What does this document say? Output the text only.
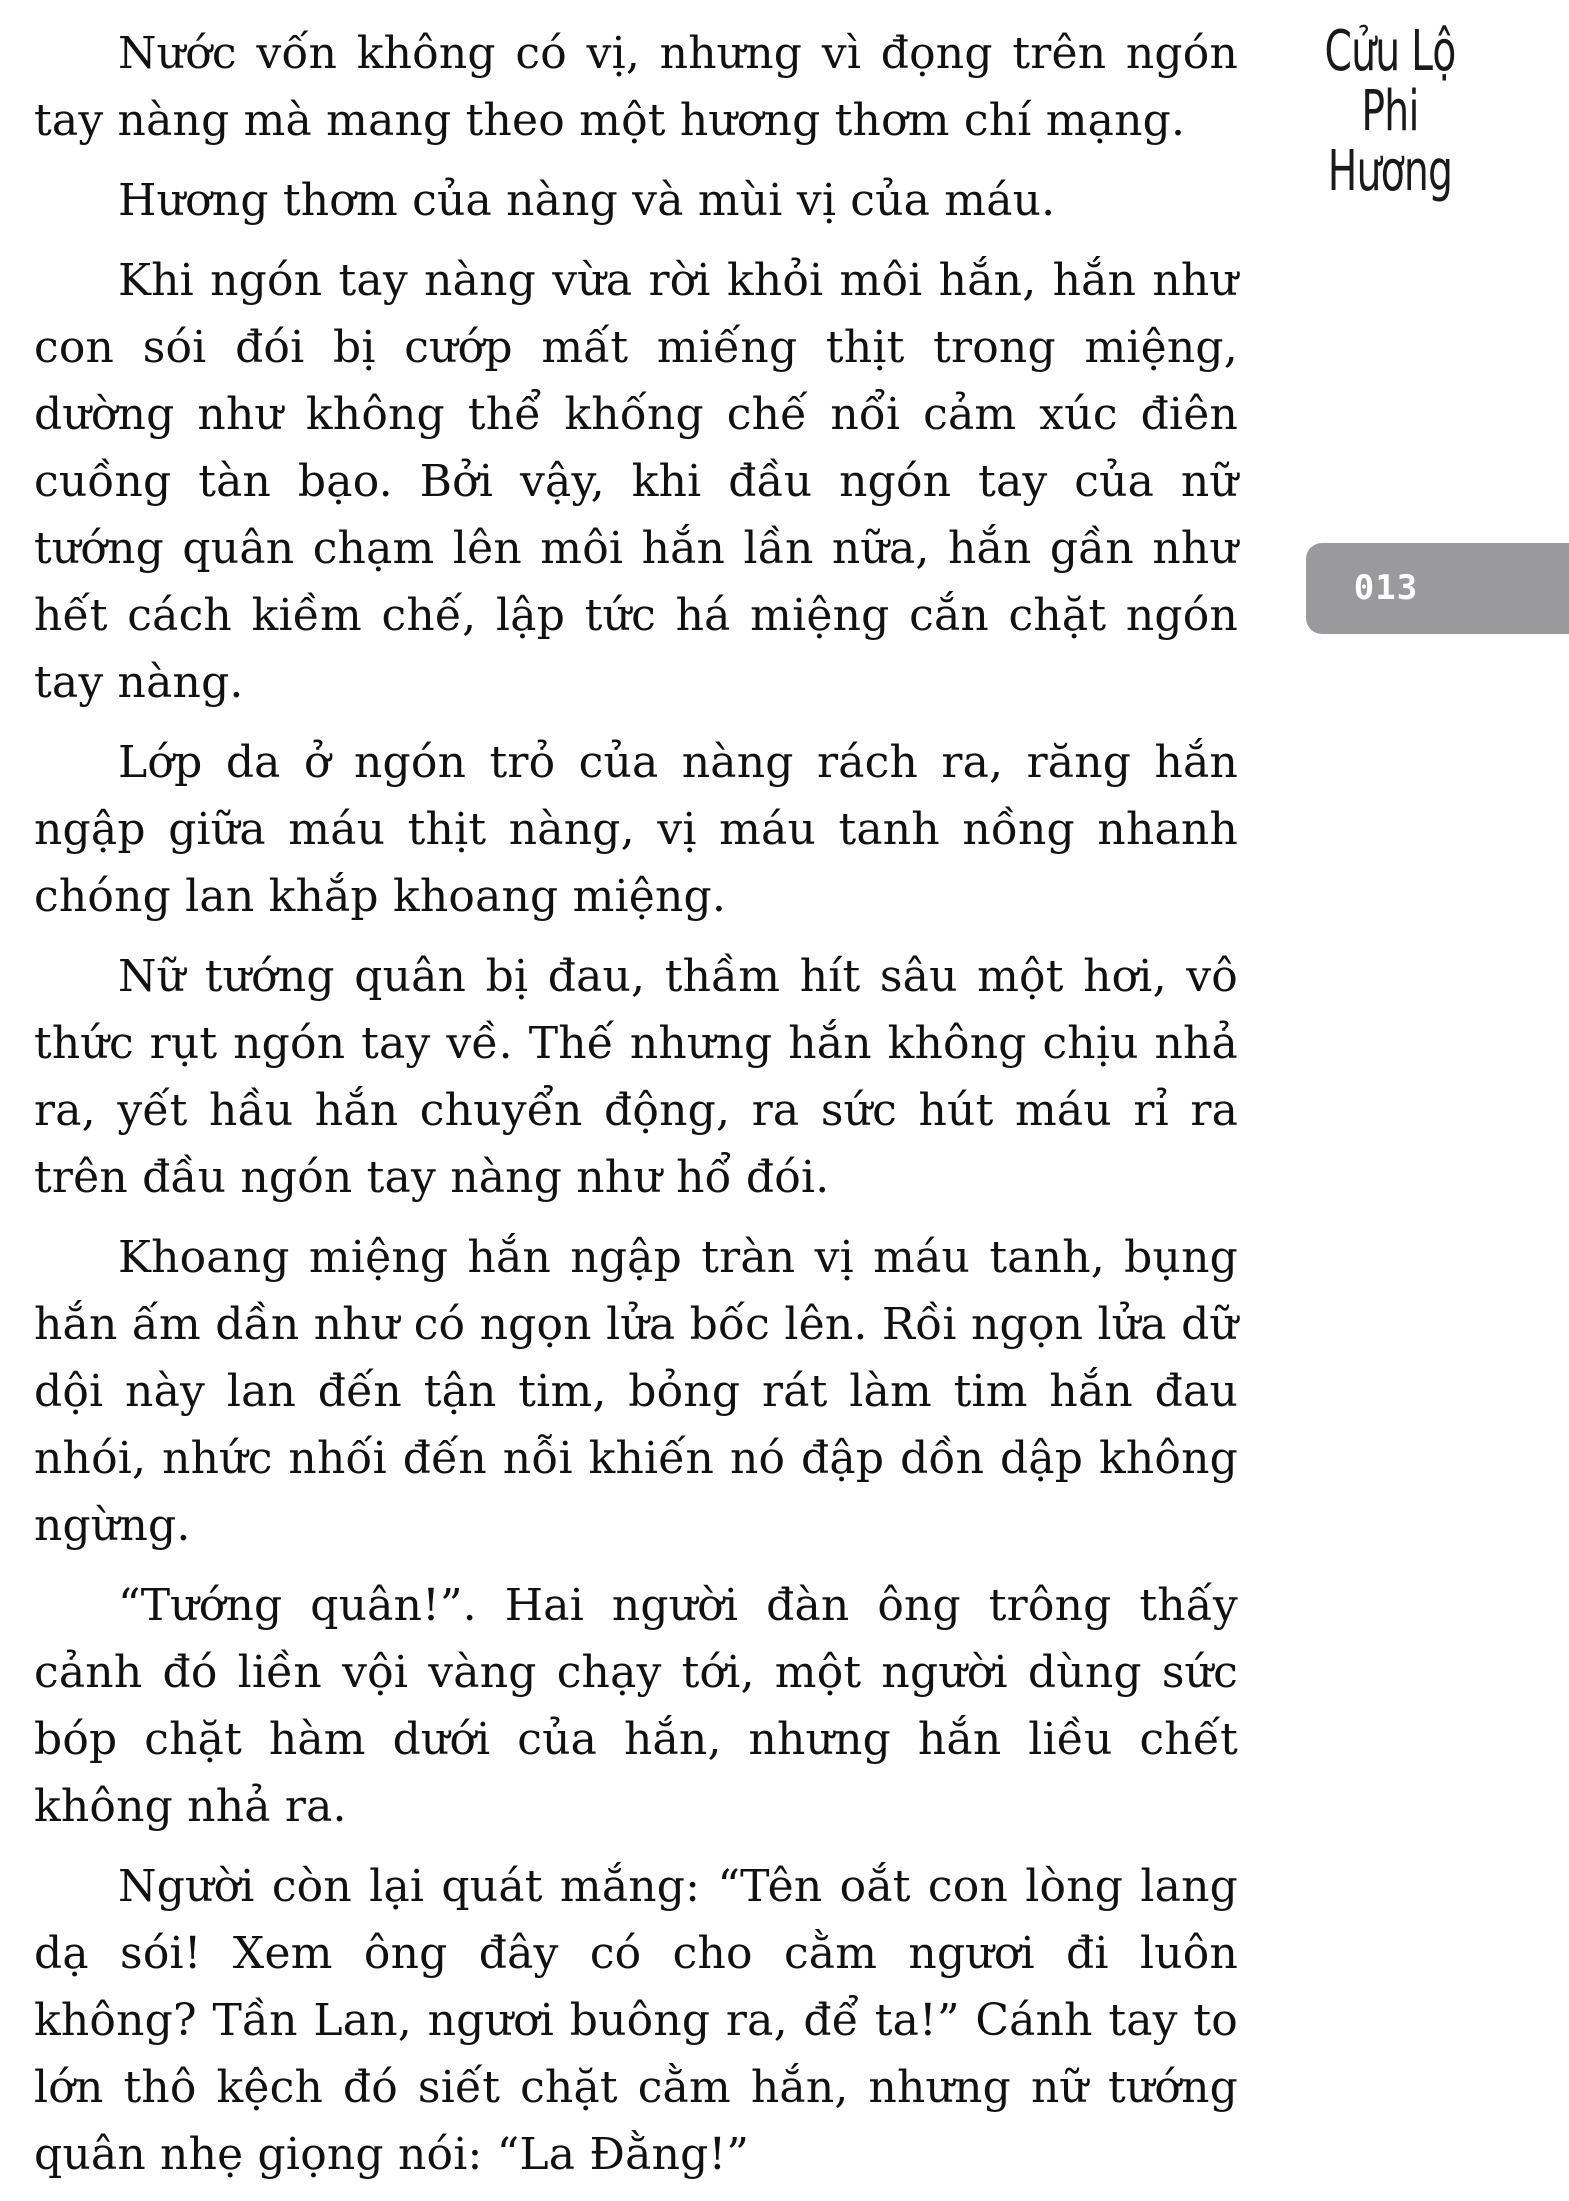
Nước vốn không có vị, nhưng vì đọng trên ngón tay nàng mà mang theo một hương thơm chí mạng.

Hương thơm của nàng và mùi vị của máu.

Khi ngón tay nàng vừa rời khỏi môi hắn, hắn như con sói đói bị cướp mất miếng thịt trong miệng, dường như không thể khống chế nổi cảm xúc điên cuồng tàn bạo. Bởi vậy, khi đầu ngón tay của nữ tướng quân chạm lên môi hắn lần nữa, hắn gần như hết cách kiềm chế, lập tức há miệng cắn chặt ngón tay nàng.

Lớp da ở ngón trỏ của nàng rách ra, răng hắn ngập giữa máu thịt nàng, vị máu tanh nồng nhanh chóng lan khắp khoang miệng.

Nữ tướng quân bị đau, thầm hít sâu một hơi, vô thức rụt ngón tay về. Thế nhưng hắn không chịu nhả ra, yết hầu hắn chuyển động, ra sức hút máu rỉ ra trên đầu ngón tay nàng như hổ đói.

Khoang miệng hắn ngập tràn vị máu tanh, bụng hắn ấm dần như có ngọn lửa bốc lên. Rồi ngọn lửa dữ dội này lan đến tận tim, bỏng rát làm tim hắn đau nhói, nhức nhối đến nỗi khiến nó đập dồn dập không ngừng.

“Tướng quân!”. Hai người đàn ông trông thấy cảnh đó liền vội vàng chạy tới, một người dùng sức bóp chặt hàm dưới của hắn, nhưng hắn liều chết không nhả ra.

Người còn lại quát mắng: “Tên oắt con lòng lang dạ sói! Xem ông đây có cho cằm ngươi đi luôn không? Tần Lan, ngươi buông ra, để ta!” Cánh tay to lớn thô kệch đó siết chặt cằm hắn, nhưng nữ tướng quân nhẹ giọng nói: “La Đằng!”

Cửu Lộ
Phi
Hương
013
